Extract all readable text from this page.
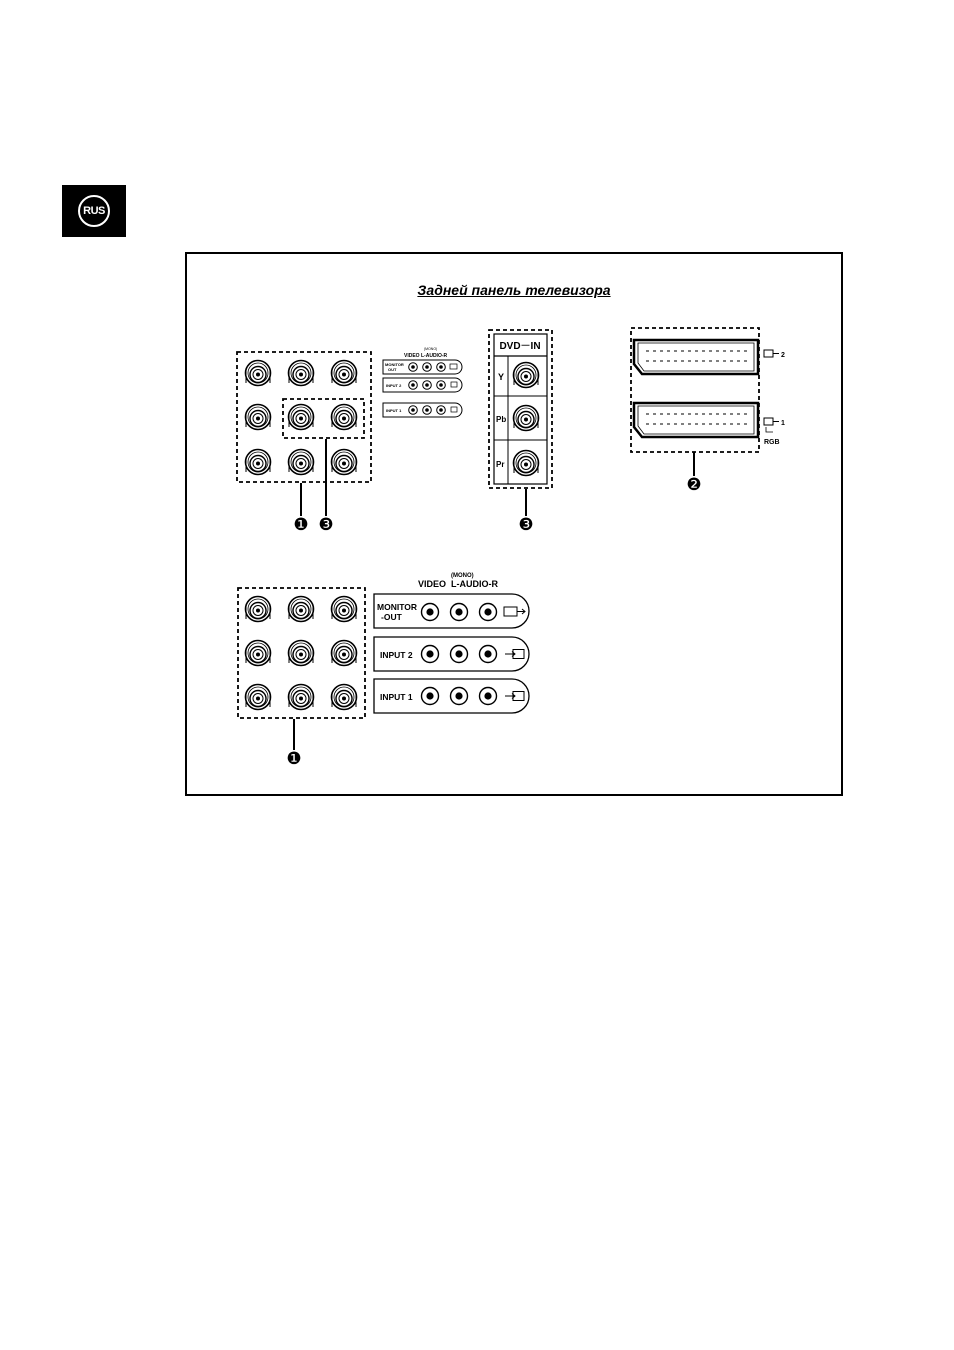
RUS
Задней панель телевизора
❶ ❸
VIDEO
(MONO)
L-AUDIO-R
MONITOR
OUT
INPUT 2
INPUT 1
DVD－IN
Y
Pb
Pr
❸
2
1
RGB
❷
❶
VIDEO
(MONO)
L-AUDIO-R
MONITOR
-OUT
INPUT 2
INPUT 1
